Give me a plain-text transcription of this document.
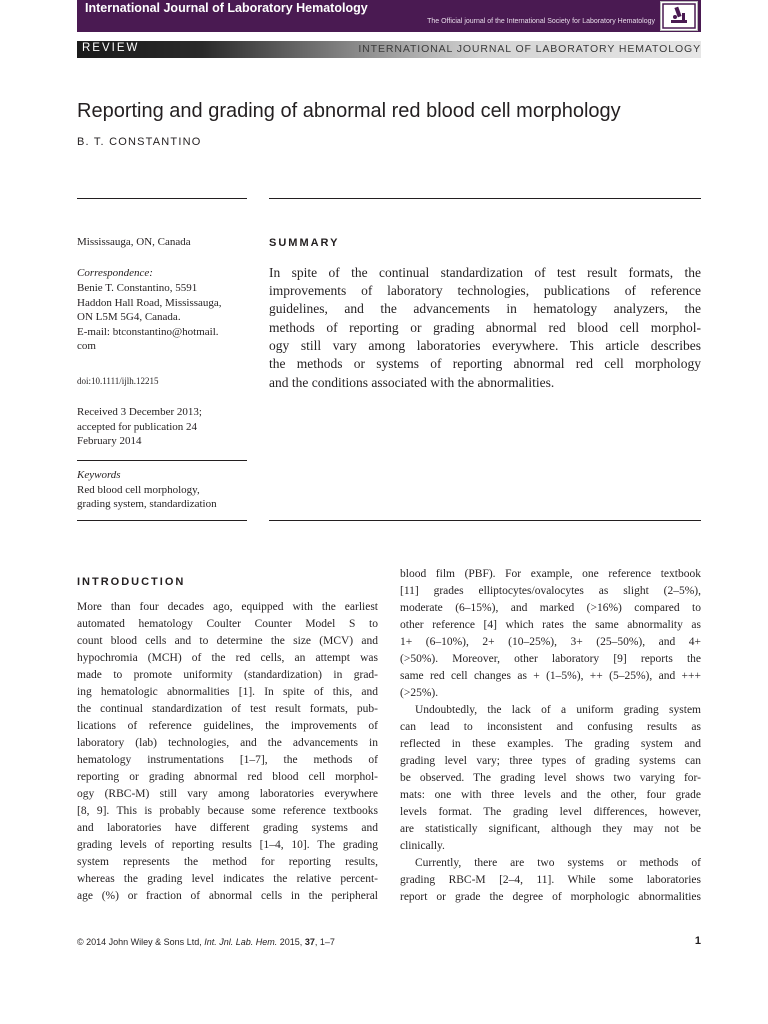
International Journal of Laboratory Hematology
The Official journal of the International Society for Laboratory Hematology
REVIEW	INTERNATIONAL JOURNAL OF LABORATORY HEMATOLOGY
Reporting and grading of abnormal red blood cell morphology
B. T. CONSTANTINO
Mississauga, ON, Canada
Correspondence:
Benie T. Constantino, 5591
Haddon Hall Road, Mississauga,
ON L5M 5G4, Canada.
E-mail: btconstantino@hotmail.
com
doi:10.1111/ijlh.12215
Received 3 December 2013;
accepted for publication 24
February 2014
Keywords
Red blood cell morphology,
grading system, standardization
SUMMARY
In spite of the continual standardization of test result formats, the
improvements of laboratory technologies, publications of reference
guidelines, and the advancements in hematology analyzers, the
methods of reporting or grading abnormal red blood cell morphol-
ogy still vary among laboratories everywhere. This article describes
the methods or systems of reporting abnormal red cell morphology
and the conditions associated with the abnormalities.
INTRODUCTION
More than four decades ago, equipped with the earliest
automated hematology Coulter Counter Model S to
count blood cells and to determine the size (MCV) and
hypochromia (MCH) of the red cells, an attempt was
made to promote uniformity (standardization) in grad-
ing hematologic abnormalities [1]. In spite of this, and
the continual standardization of test result formats, pub-
lications of reference guidelines, the improvements of
laboratory (lab) technologies, and the advancements in
hematology instrumentations [1–7], the methods of
reporting or grading abnormal red blood cell morphol-
ogy (RBC-M) still vary among laboratories everywhere
[8, 9]. This is probably because some reference textbooks
and laboratories have different grading systems and
grading levels of reporting results [1–4, 10]. The grading
system represents the method for reporting results,
whereas the grading level indicates the relative percent-
age (%) or fraction of abnormal cells in the peripheral
blood film (PBF). For example, one reference textbook
[11] grades elliptocytes/ovalocytes as slight (2–5%),
moderate (6–15%), and marked (>16%) compared to
other reference [4] which rates the same abnormality as
1+ (6–10%), 2+ (10–25%), 3+ (25–50%), and 4+
(>50%). Moreover, other laboratory [9] reports the
same red cell changes as + (1–5%), ++ (5–25%), and +++
(>25%).
Undoubtedly, the lack of a uniform grading system
can lead to inconsistent and confusing results as
reflected in these examples. The grading system and
grading level vary; three types of grading systems can
be observed. The grading level shows two varying for-
mats: one with three levels and the other, four grade
levels format. The grading level differences, however,
are statistically significant, although they may not be
clinically.
Currently, there are two systems or methods of
grading RBC-M [2–4, 11]. While some laboratories
report or grade the degree of morphologic abnormalities
© 2014 John Wiley & Sons Ltd, Int. Jnl. Lab. Hem. 2015, 37, 1–7	1
